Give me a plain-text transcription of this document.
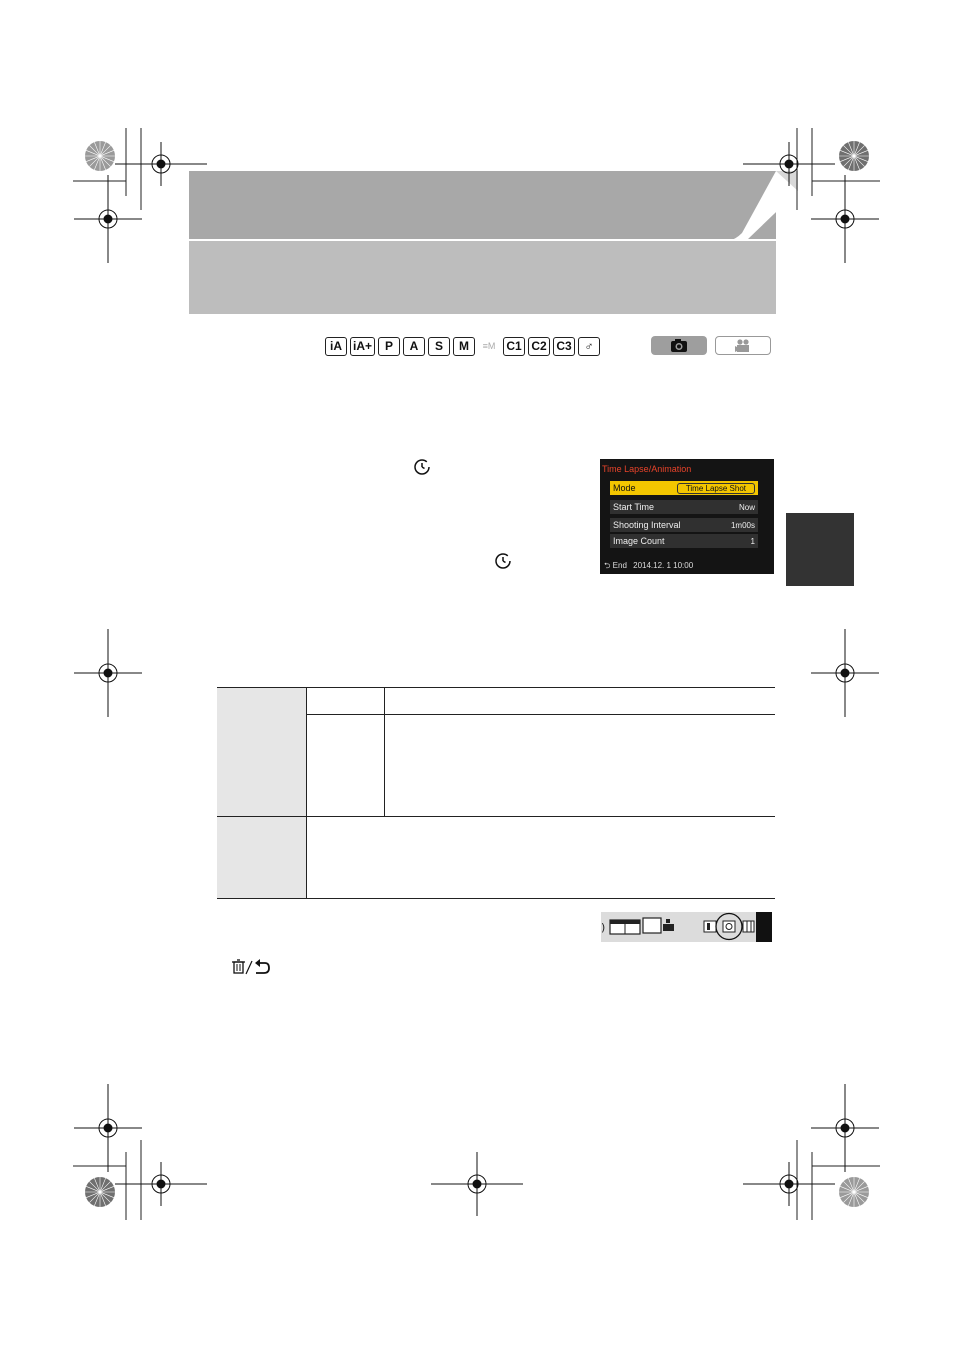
iA iA+	P	A	S	M	≡M C1 C2 C3	♂
Time Lapse/Animation
Mode	Time Lapse Shot
Start Time	Now
Shooting Interval	1m00s
Image Count	1
⮌ End 2014.12. 1 10:00
)
